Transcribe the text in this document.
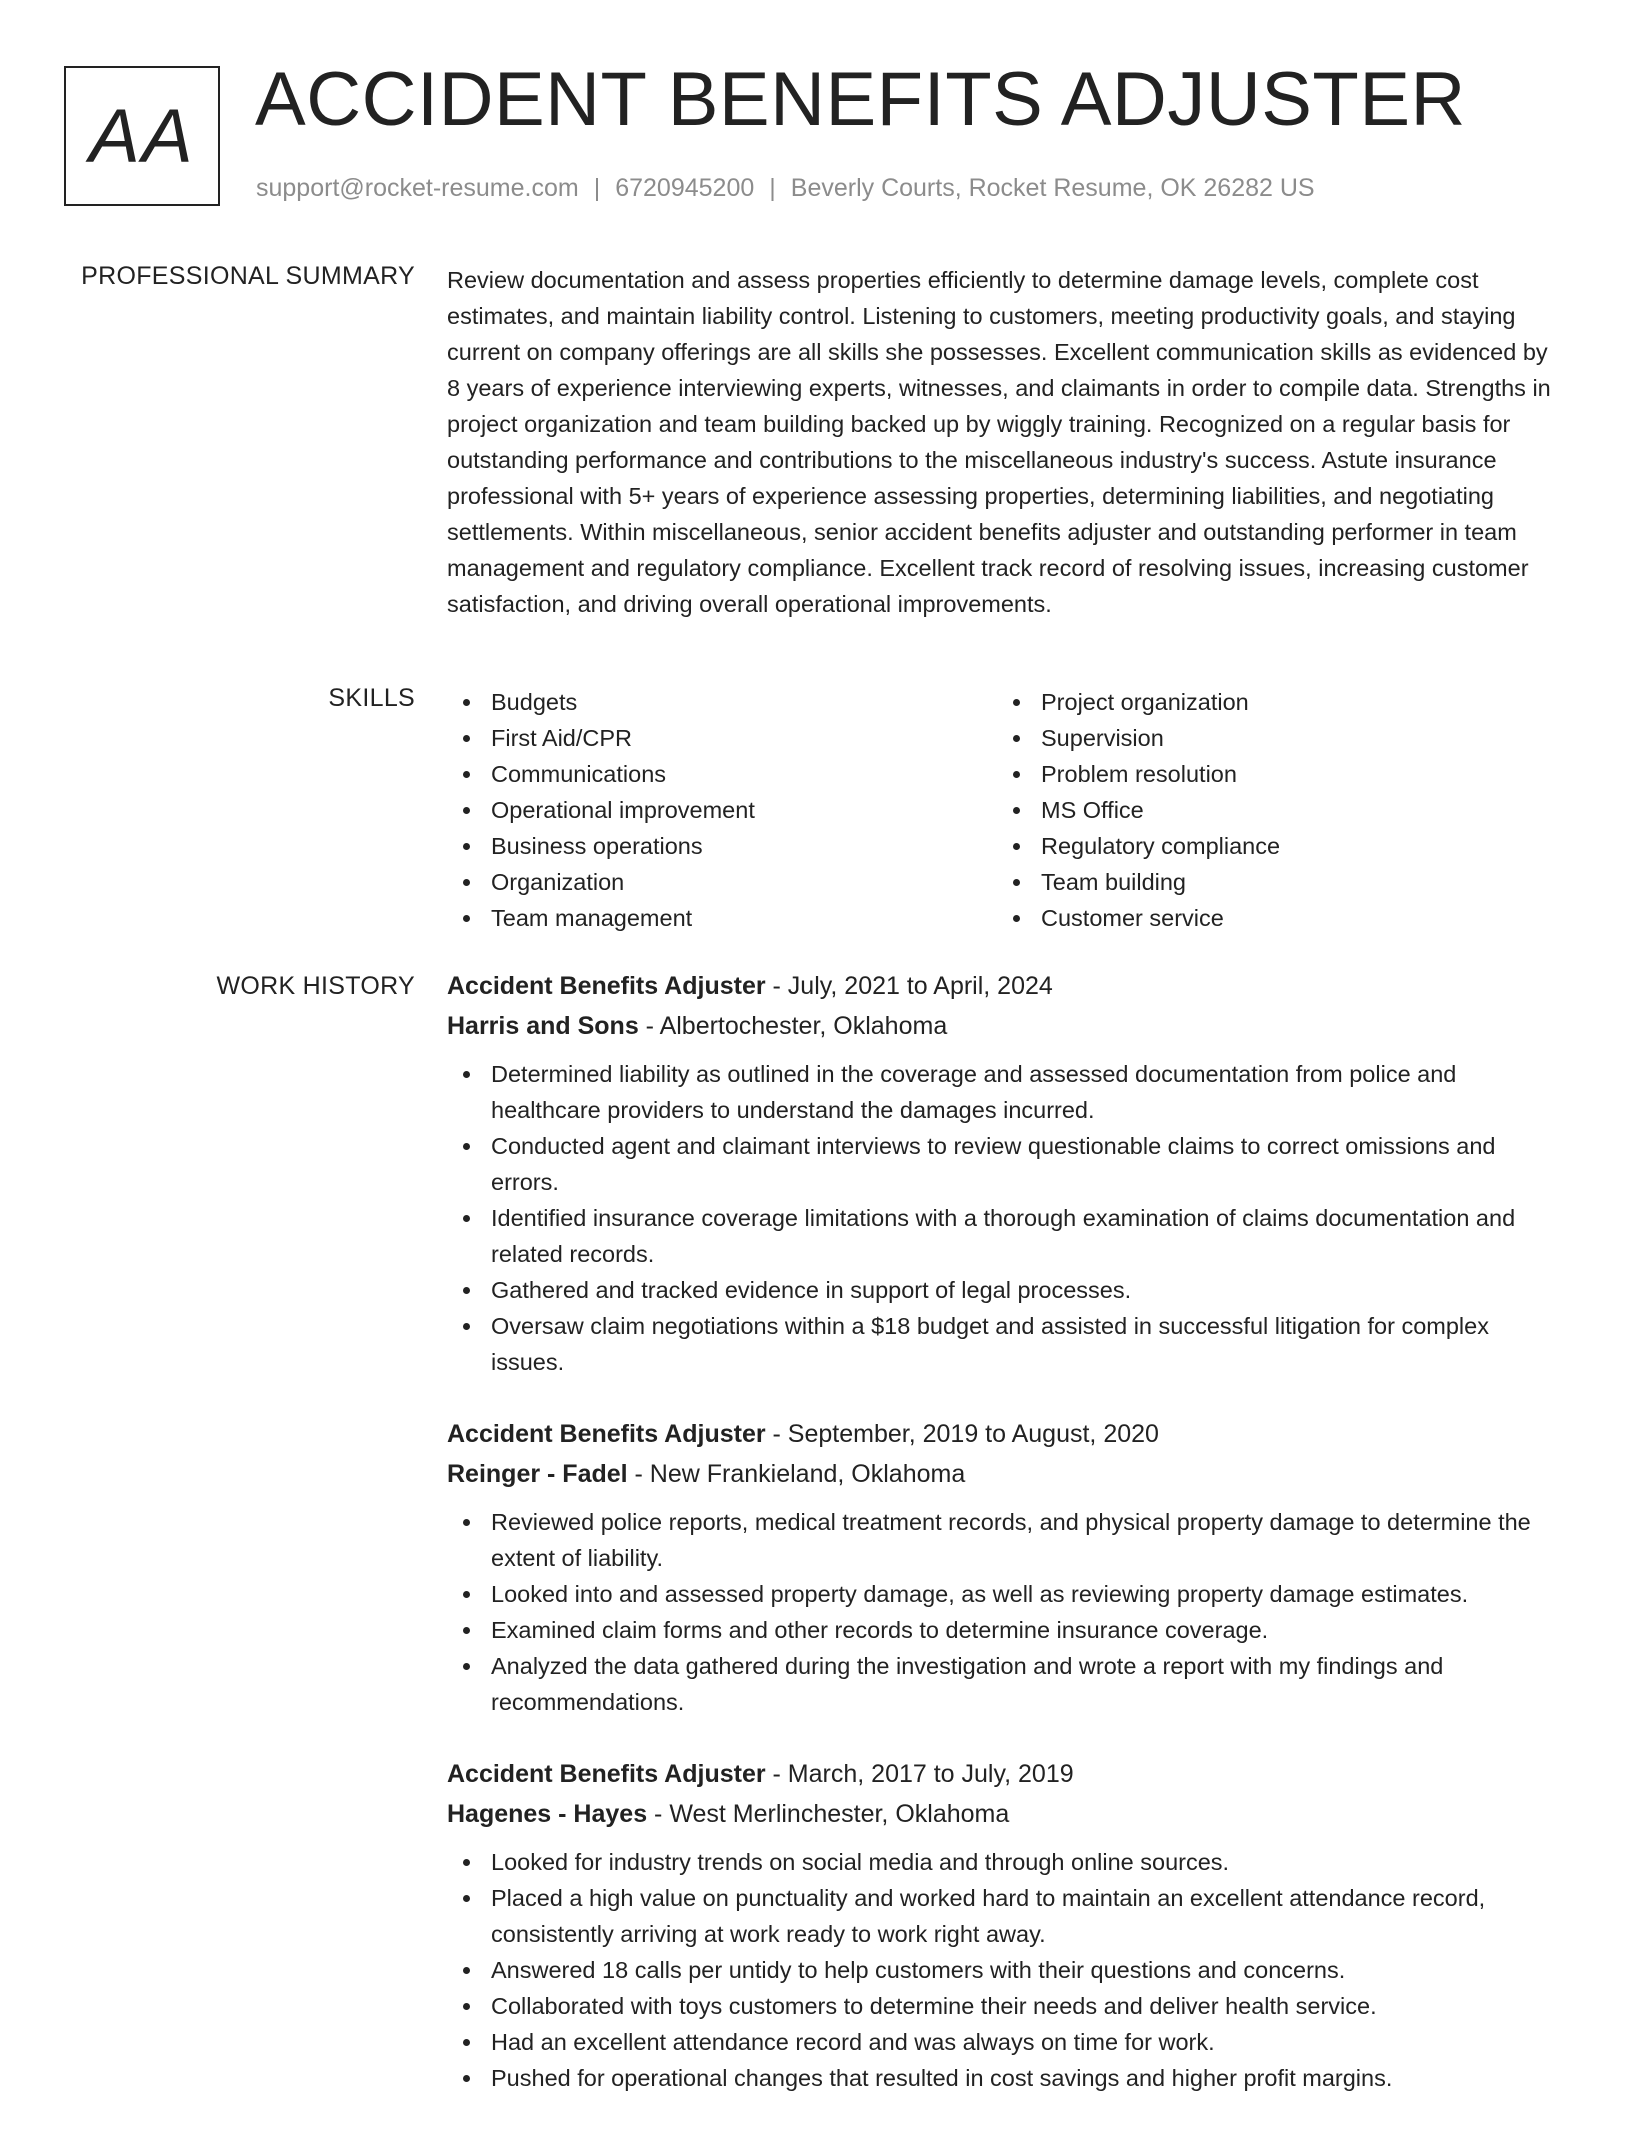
AA ACCIDENT BENEFITS ADJUSTER
support@rocket-resume.com | 6720945200 | Beverly Courts, Rocket Resume, OK 26282 US
PROFESSIONAL SUMMARY Review documentation and assess properties efficiently to determine damage levels, complete cost estimates, and maintain liability control. Listening to customers, meeting productivity goals, and staying current on company offerings are all skills she possesses. Excellent communication skills as evidenced by 8 years of experience interviewing experts, witnesses, and claimants in order to compile data. Strengths in project organization and team building backed up by wiggly training. Recognized on a regular basis for outstanding performance and contributions to the miscellaneous industry's success. Astute insurance professional with 5+ years of experience assessing properties, determining liabilities, and negotiating settlements. Within miscellaneous, senior accident benefits adjuster and outstanding performer in team management and regulatory compliance. Excellent track record of resolving issues, increasing customer satisfaction, and driving overall operational improvements.

SKILLS	Budgets
First Aid/CPR
Communications
Operational improvement
Business operations
Organization
Team management
Project organization
Supervision
Problem resolution
MS Office
Regulatory compliance
Team building
Customer service
WORK HISTORY Accident Benefits Adjuster - July, 2021 to April, 2024
Harris and Sons - Albertochester, Oklahoma
Determined liability as outlined in the coverage and assessed documentation from police and healthcare providers to understand the damages incurred.
Conducted agent and claimant interviews to review questionable claims to correct omissions and errors.
Identified insurance coverage limitations with a thorough examination of claims documentation and related records.
Gathered and tracked evidence in support of legal processes.
Oversaw claim negotiations within a $18 budget and assisted in successful litigation for complex issues.
Accident Benefits Adjuster - September, 2019 to August, 2020
Reinger - Fadel - New Frankieland, Oklahoma
Reviewed police reports, medical treatment records, and physical property damage to determine the extent of liability.
Looked into and assessed property damage, as well as reviewing property damage estimates.
Examined claim forms and other records to determine insurance coverage.
Analyzed the data gathered during the investigation and wrote a report with my findings and recommendations.
Accident Benefits Adjuster - March, 2017 to July, 2019
Hagenes - Hayes - West Merlinchester, Oklahoma
Looked for industry trends on social media and through online sources.
Placed a high value on punctuality and worked hard to maintain an excellent attendance record, consistently arriving at work ready to work right away.
Answered 18 calls per untidy to help customers with their questions and concerns.
Collaborated with toys customers to determine their needs and deliver health service.
Had an excellent attendance record and was always on time for work.
Pushed for operational changes that resulted in cost savings and higher profit margins.
